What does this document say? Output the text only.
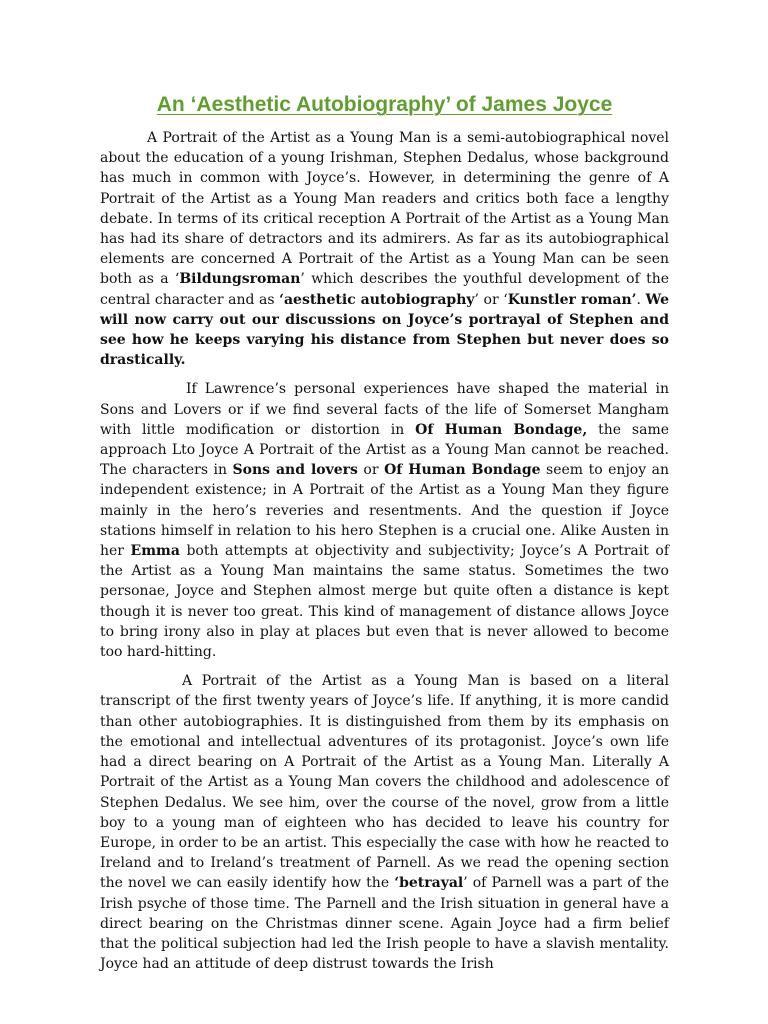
An ‘Aesthetic Autobiography’ of James Joyce

A Portrait of the Artist as a Young Man is a semi-autobiographical novel about the education of a young Irishman, Stephen Dedalus, whose background has much in common with Joyce’s. However, in determining the genre of A Portrait of the Artist as a Young Man readers and critics both face a lengthy debate. In terms of its critical reception A Portrait of the Artist as a Young Man has had its share of detractors and its admirers. As far as its autobiographical elements are concerned A Portrait of the Artist as a Young Man can be seen both as a ‘Bildungsroman’ which describes the youthful development of the central character and as ‘aesthetic autobiography’ or ‘Kunstler roman’. We will now carry out our discussions on Joyce’s portrayal of Stephen and see how he keeps varying his distance from Stephen but never does so drastically.

If Lawrence’s personal experiences have shaped the material in Sons and Lovers or if we find several facts of the life of Somerset Mangham with little modification or distortion in Of Human Bondage, the same approach Lto Joyce A Portrait of the Artist as a Young Man cannot be reached. The characters in Sons and lovers or Of Human Bondage seem to enjoy an independent existence; in A Portrait of the Artist as a Young Man they figure mainly in the hero’s reveries and resentments. And the question if Joyce stations himself in relation to his hero Stephen is a crucial one. Alike Austen in her Emma both attempts at objectivity and subjectivity; Joyce’s A Portrait of the Artist as a Young Man maintains the same status. Sometimes the two personae, Joyce and Stephen almost merge but quite often a distance is kept though it is never too great. This kind of management of distance allows Joyce to bring irony also in play at places but even that is never allowed to become too hard-hitting.

A Portrait of the Artist as a Young Man is based on a literal transcript of the first twenty years of Joyce’s life. If anything, it is more candid than other autobiographies. It is distinguished from them by its emphasis on the emotional and intellectual adventures of its protagonist. Joyce’s own life had a direct bearing on A Portrait of the Artist as a Young Man. Literally A Portrait of the Artist as a Young Man covers the childhood and adolescence of Stephen Dedalus. We see him, over the course of the novel, grow from a little boy to a young man of eighteen who has decided to leave his country for Europe, in order to be an artist. This especially the case with how he reacted to Ireland and to Ireland’s treatment of Parnell. As we read the opening section the novel we can easily identify how the ‘betrayal’ of Parnell was a part of the Irish psyche of those time. The Parnell and the Irish situation in general have a direct bearing on the Christmas dinner scene. Again Joyce had a firm belief that the political subjection had led the Irish people to have a slavish mentality. Joyce had an attitude of deep distrust towards the Irish
